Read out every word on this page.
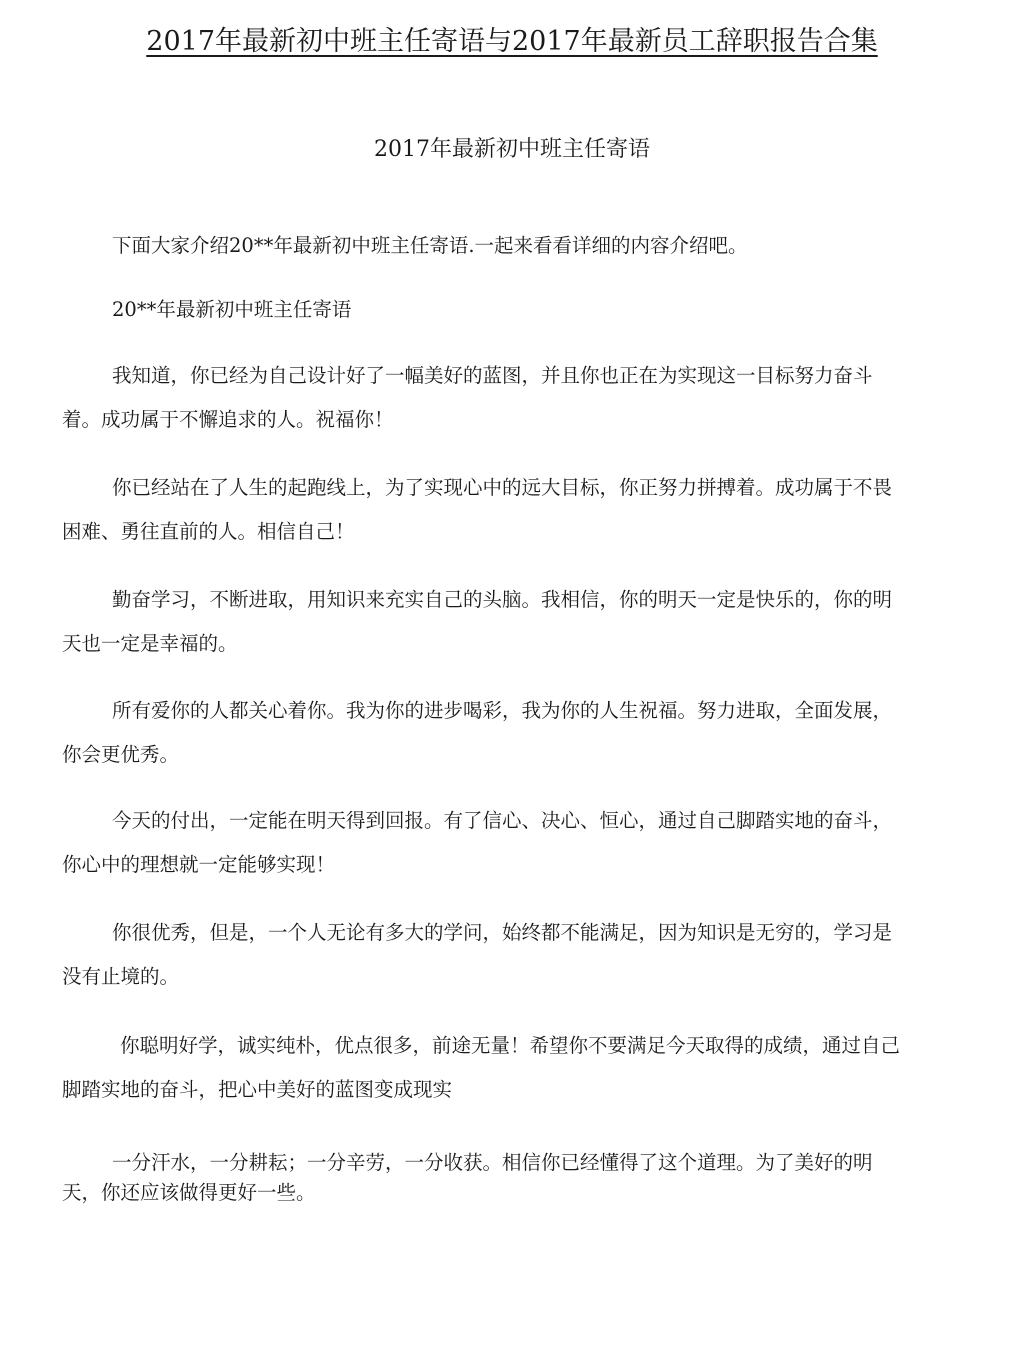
2017年最新初中班主任寄语与2017年最新员工辞职报告合集
2017年最新初中班主任寄语

下面大家介绍20**年最新初中班主任寄语.一起来看看详细的内容介绍吧。

20**年最新初中班主任寄语

我知道，你已经为自己设计好了一幅美好的蓝图，并且你也正在为实现这一目标努力奋斗着。成功属于不懈追求的人。祝福你！

你已经站在了人生的起跑线上，为了实现心中的远大目标，你正努力拼搏着。成功属于不畏困难、勇往直前的人。相信自己！

勤奋学习，不断进取，用知识来充实自己的头脑。我相信，你的明天一定是快乐的，你的明天也一定是幸福的。

所有爱你的人都关心着你。我为你的进步喝彩，我为你的人生祝福。努力进取，全面发展，你会更优秀。

今天的付出，一定能在明天得到回报。有了信心、决心、恒心，通过自己脚踏实地的奋斗，你心中的理想就一定能够实现！

你很优秀，但是，一个人无论有多大的学问，始终都不能满足，因为知识是无穷的，学习是没有止境的。

你聪明好学，诚实纯朴，优点很多，前途无量！希望你不要满足今天取得的成绩，通过自己脚踏实地的奋斗，把心中美好的蓝图变成现实

一分汗水，一分耕耘；一分辛劳，一分收获。相信你已经懂得了这个道理。为了美好的明天，你还应该做得更好一些。
